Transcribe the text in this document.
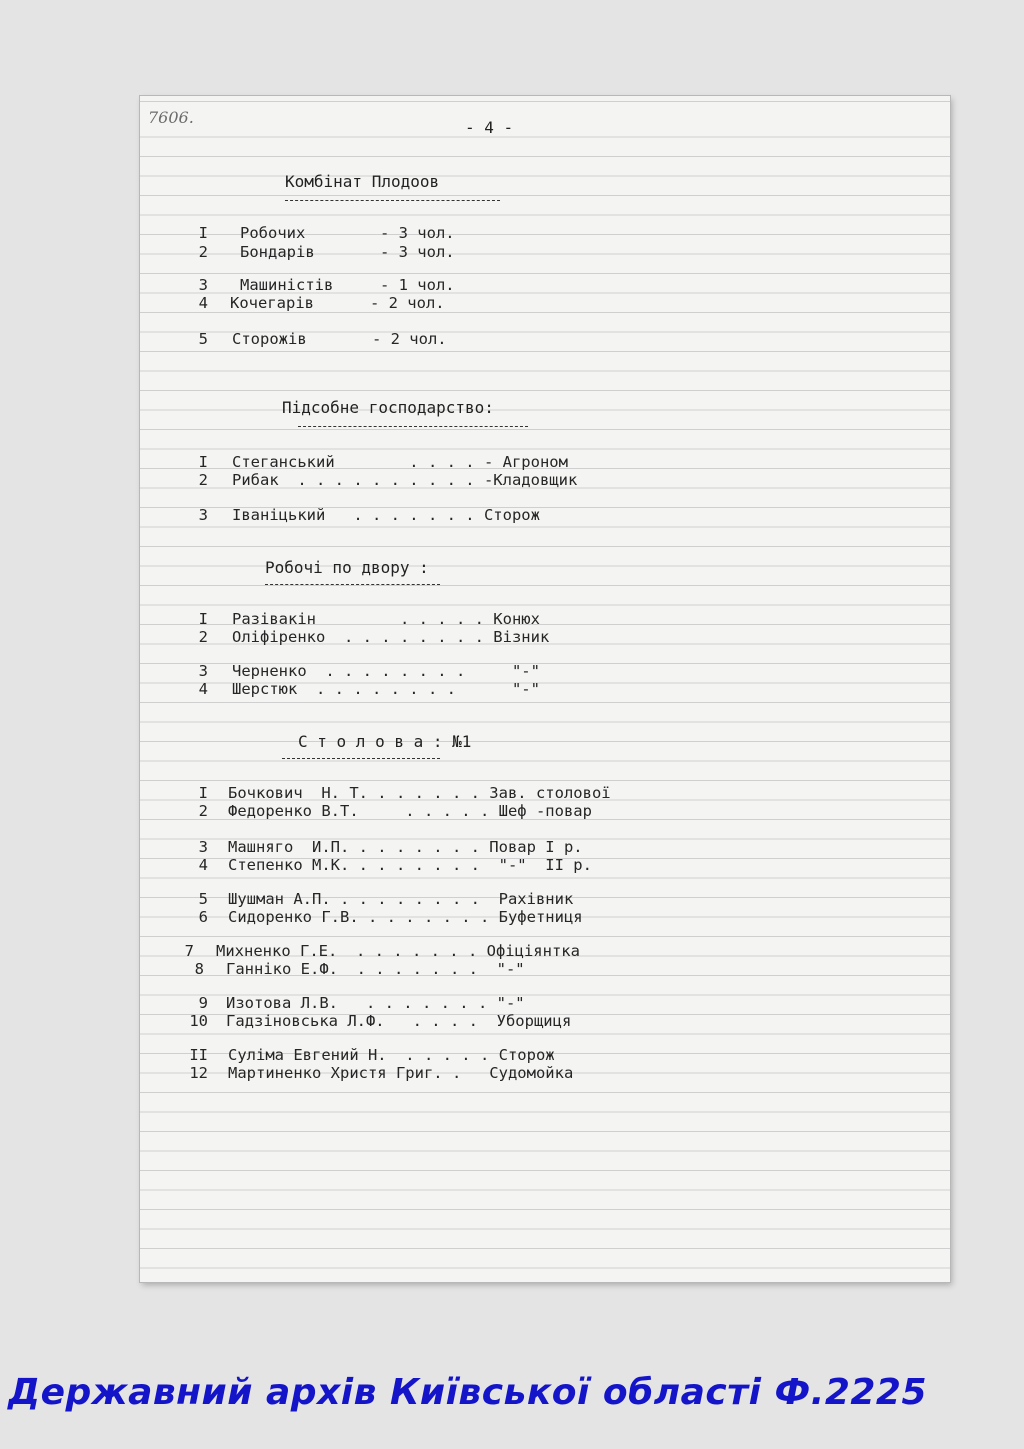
7606.
- 4 -
Комбінат Плодоов
I Робочих        - 3 чол.
2 Бондарів       - 3 чол.
3 Машиністів     - 1 чол.
4 Кочегарів      - 2 чол.
5 Сторожів       - 2 чол.
Підсобне господарство:
I Стеганський        . . . . - Агроном
2 Рибак  . . . . . . . . . . -Кладовщик
3 Іваніцький   . . . . . . . Сторож
Робочі по двору :
I Разівакін         . . . . . Конюх
2 Оліфіренко  . . . . . . . . Візник
3 Черненко  . . . . . . . .     "-"
4 Шерстюк  . . . . . . . .      "-"
С т о л о в а : №1
I Бочкович  Н. Т. . . . . . . Зав. столової
2 Федоренко В.Т.     . . . . . Шеф -повар
3 Машняго  И.П. . . . . . . . Повар І р.
4 Степенко М.К. . . . . . . .  "-"  ІІ р.
5 Шушман А.П. . . . . . . . .  Рахівник
6 Сидоренко Г.В. . . . . . . . Буфетниця
7 Михненко Г.Е.  . . . . . . . Офіціянтка
8 Ганніко Е.Ф.  . . . . . . .  "-"
9 Изотова Л.В.   . . . . . . . "-"
10 Гадзіновська Л.Ф.   . . . .  Уборщиця
II Суліма Евгений Н.  . . . . . Сторож
12 Мартиненко Христя Григ. .   Судомойка
Державний архів Київської області Ф.2225
